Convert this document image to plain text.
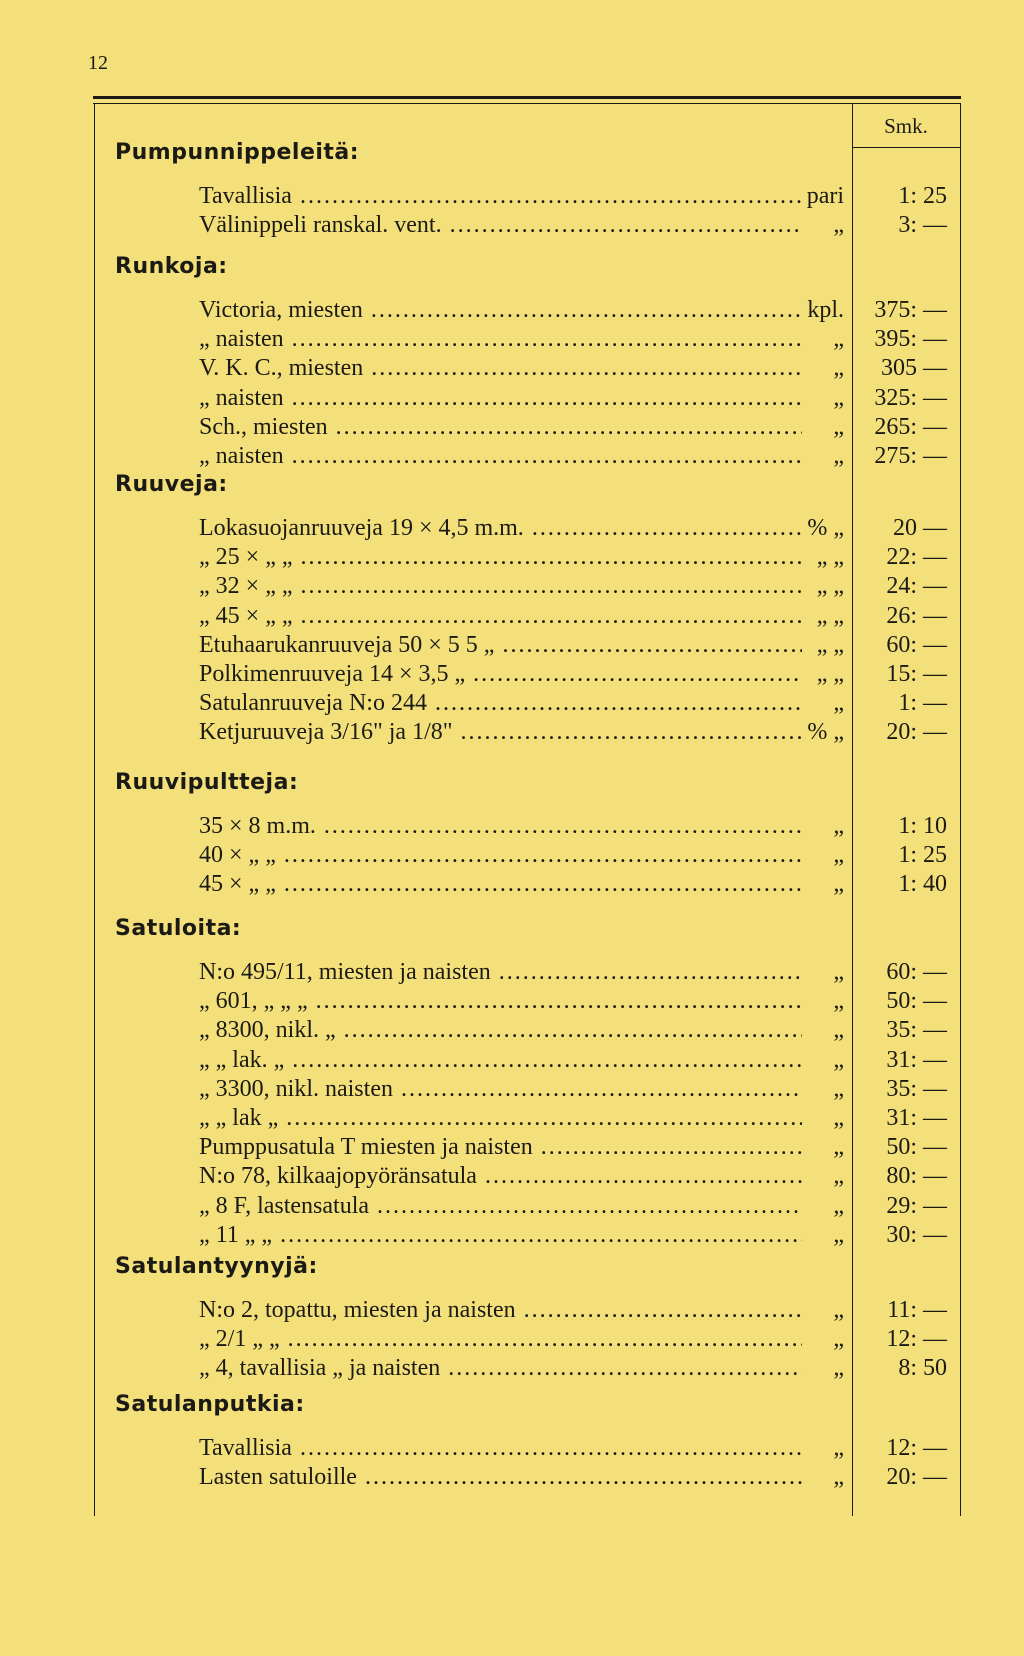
12
Smk.
Pumpunnippeleitä:
Tavallisia .....	pari	1: 25
Välinippeli ranskal. vent. .....	„	3: —
Runkoja:
Victoria, miesten .....	kpl.	375: —
„ naisten .....	„	395: —
V. K. C., miesten .....	„	305 —
„ naisten .....	„	325: —
Sch., miesten .....	„	265: —
„ naisten .....	„	275: —
Ruuveja:
Lokasuojanruuveja 19 × 4,5 m.m. .....	% „	20 —
„ 25 × „ „ .....	„ „	22: —
„ 32 × „ „ .....	„ „	24: —
„ 45 × „ „ .....	„ „	26: —
Etuhaarukanruuveja 50 × 5 5 „ .....	„ „	60: —
Polkimenruuveja 14 × 3,5 „ .....	„ „	15: —
Satulanruuveja N:o 244 .....	„	1: —
Ketjuruuveja 3/16" ja 1/8" .....	% „	20: —
Ruuvipultteja:
35 × 8 m.m. .....	„	1: 10
40 × „ „ .....	„	1: 25
45 × „ „ .....	„	1: 40
Satuloita:
N:o 495/11, miesten ja naisten .....	„	60: —
„ 601, „ „ „ .....	„	50: —
„ 8300, nikl. „ .....	„	35: —
„ „ lak. „ .....	„	31: —
„ 3300, nikl. naisten .....	„	35: —
„ „ lak „ .....	„	31: —
Pumppusatula T miesten ja naisten .....	„	50: —
N:o 78, kilkaajopyöränsatula .....	„	80: —
„ 8 F, lastensatula .....	„	29: —
„ 11 „ „ .....	„	30: —
Satulantyynyjä:
N:o 2, topattu, miesten ja naisten .....	„	11: —
„ 2/1 „ „ .....	„	12: —
„ 4, tavallisia „ ja naisten .....	„	8: 50
Satulanputkia:
Tavallisia .....	„	12: —
Lasten satuloille .....	„	20: —
